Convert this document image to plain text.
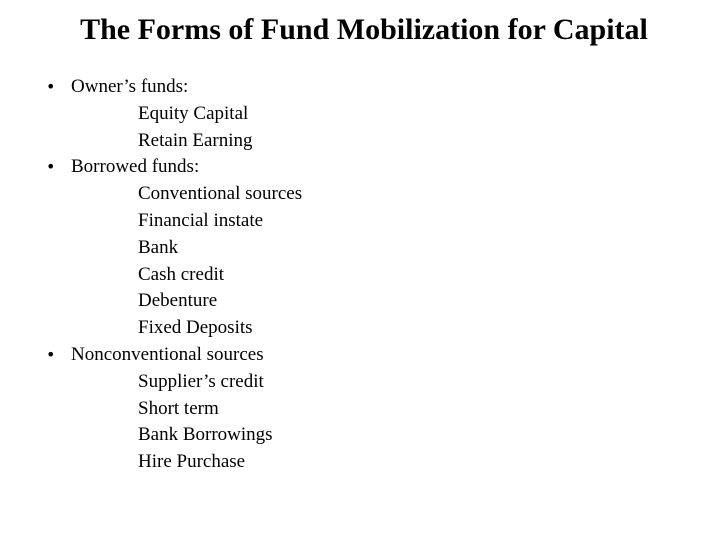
The Forms of Fund Mobilization for Capital
• Owner’s funds:
Equity Capital
Retain Earning
• Borrowed funds:
Conventional sources
Financial instate
Bank
Cash credit
Debenture
Fixed Deposits
• Nonconventional sources
Supplier’s credit
Short term
Bank Borrowings
Hire Purchase
